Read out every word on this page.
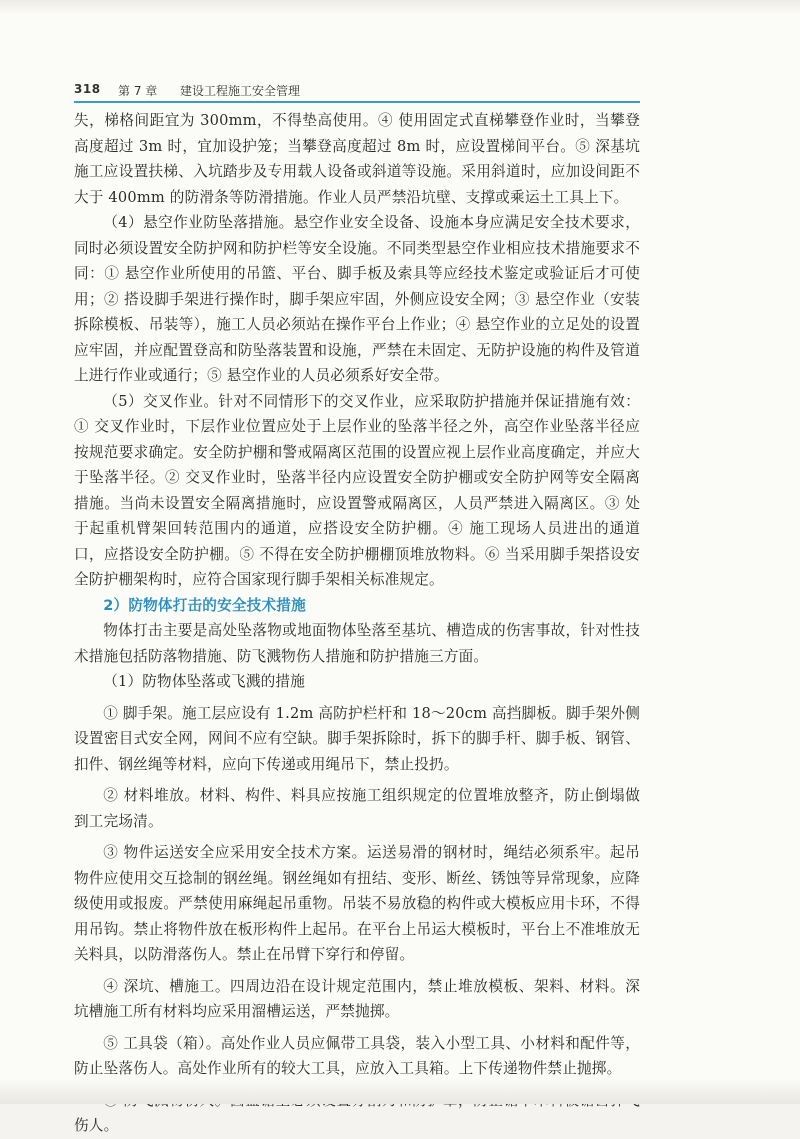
318 第 7 章 建设工程施工安全管理

失，梯格间距宜为 300mm，不得垫高使用。④ 使用固定式直梯攀登作业时，当攀登高度超过 3m 时，宜加设护笼；当攀登高度超过 8m 时，应设置梯间平台。⑤ 深基坑施工应设置扶梯、入坑踏步及专用载人设备或斜道等设施。采用斜道时，应加设间距不大于 400mm 的防滑条等防滑措施。作业人员严禁沿坑壁、支撑或乘运土工具上下。

（4）悬空作业防坠落措施。悬空作业安全设备、设施本身应满足安全技术要求，同时必须设置安全防护网和防护栏等安全设施。不同类型悬空作业相应技术措施要求不同：① 悬空作业所使用的吊篮、平台、脚手板及索具等应经技术鉴定或验证后才可使用；② 搭设脚手架进行操作时，脚手架应牢固，外侧应设安全网；③ 悬空作业（安装拆除模板、吊装等），施工人员必须站在操作平台上作业；④ 悬空作业的立足处的设置应牢固，并应配置登高和防坠落装置和设施，严禁在未固定、无防护设施的构件及管道上进行作业或通行；⑤ 悬空作业的人员必须系好安全带。

（5）交叉作业。针对不同情形下的交叉作业，应采取防护措施并保证措施有效：① 交叉作业时，下层作业位置应处于上层作业的坠落半径之外，高空作业坠落半径应按规范要求确定。安全防护棚和警戒隔离区范围的设置应视上层作业高度确定，并应大于坠落半径。② 交叉作业时，坠落半径内应设置安全防护棚或安全防护网等安全隔离措施。当尚未设置安全隔离措施时，应设置警戒隔离区，人员严禁进入隔离区。③ 处于起重机臂架回转范围内的通道，应搭设安全防护棚。④ 施工现场人员进出的通道口，应搭设安全防护棚。⑤ 不得在安全防护棚棚顶堆放物料。⑥ 当采用脚手架搭设安全防护棚架构时，应符合国家现行脚手架相关标准规定。

2）防物体打击的安全技术措施

物体打击主要是高处坠落物或地面物体坠落至基坑、槽造成的伤害事故，针对性技术措施包括防落物措施、防飞溅物伤人措施和防护措施三方面。

（1）防物体坠落或飞溅的措施

① 脚手架。施工层应设有 1.2m 高防护栏杆和 18～20cm 高挡脚板。脚手架外侧设置密目式安全网，网间不应有空缺。脚手架拆除时，拆下的脚手杆、脚手板、钢管、扣件、钢丝绳等材料，应向下传递或用绳吊下，禁止投扔。

② 材料堆放。材料、构件、料具应按施工组织规定的位置堆放整齐，防止倒塌做到工完场清。

③ 物件运送安全应采用安全技术方案。运送易滑的钢材时，绳结必须系牢。起吊物件应使用交互捻制的钢丝绳。钢丝绳如有扭结、变形、断丝、锈蚀等异常现象，应降级使用或报废。严禁使用麻绳起吊重物。吊装不易放稳的构件或大模板应用卡环，不得用吊钩。禁止将物件放在板形构件上起吊。在平台上吊运大模板时，平台上不准堆放无关料具，以防滑落伤人。禁止在吊臂下穿行和停留。

④ 深坑、槽施工。四周边沿在设计规定范围内，禁止堆放模板、架料、材料。深坑槽施工所有材料均应采用溜槽运送，严禁抛掷。

⑤ 工具袋（箱）。高处作业人员应佩带工具袋，装入小型工具、小材料和配件等，防止坠落伤人。高处作业所有的较大工具，应放入工具箱。上下传递物件禁止抛掷。

伤人。
